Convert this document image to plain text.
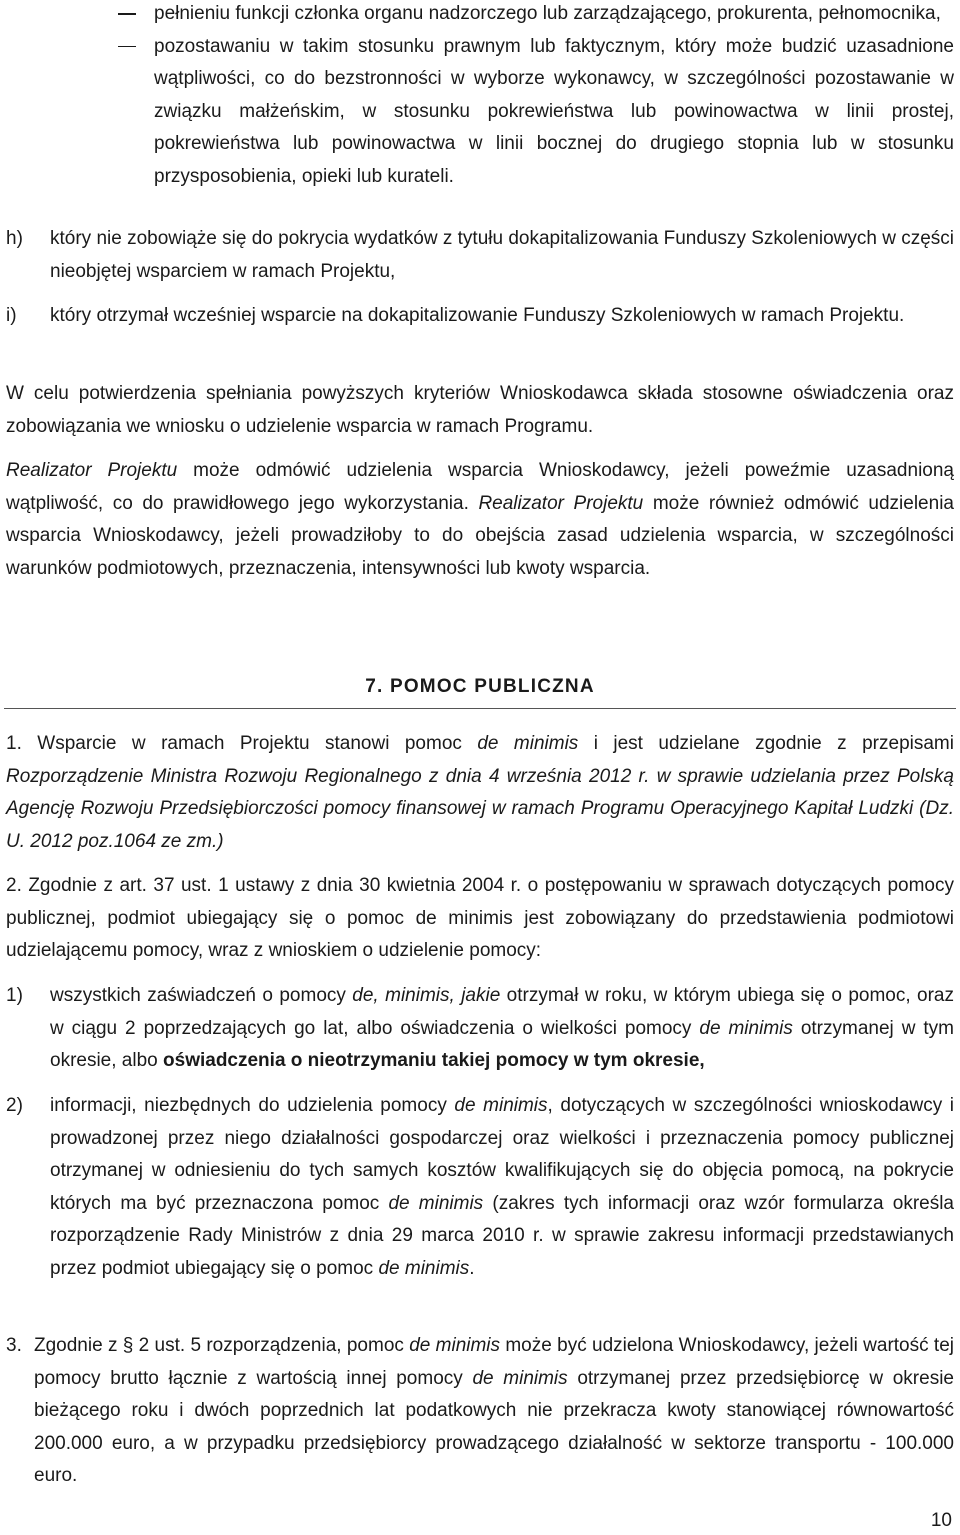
pełnieniu funkcji członka organu nadzorczego lub zarządzającego, prokurenta, pełnomocnika,
pozostawaniu w takim stosunku prawnym lub faktycznym, który może budzić uzasadnione wątpliwości, co do bezstronności w wyborze wykonawcy, w szczególności pozostawanie w związku małżeńskim, w stosunku pokrewieństwa lub powinowactwa w linii prostej, pokrewieństwa lub powinowactwa w linii bocznej do drugiego stopnia lub w stosunku przysposobienia, opieki lub kurateli.
h) który nie zobowiąże się do pokrycia wydatków z tytułu dokapitalizowania Funduszy Szkoleniowych w części nieobjętej wsparciem w ramach Projektu,
i) który otrzymał wcześniej wsparcie na dokapitalizowanie Funduszy Szkoleniowych w ramach Projektu.

W celu potwierdzenia spełniania powyższych kryteriów Wnioskodawca składa stosowne oświadczenia oraz zobowiązania we wniosku o udzielenie wsparcia w ramach Programu.

Realizator Projektu może odmówić udzielenia wsparcia Wnioskodawcy, jeżeli poweźmie uzasadnioną wątpliwość, co do prawidłowego jego wykorzystania. Realizator Projektu może również odmówić udzielenia wsparcia Wnioskodawcy, jeżeli prowadziłoby to do obejścia zasad udzielenia wsparcia, w szczególności warunków podmiotowych, przeznaczenia, intensywności lub kwoty wsparcia.

7. POMOC PUBLICZNA

1. Wsparcie w ramach Projektu stanowi pomoc de minimis i jest udzielane zgodnie z przepisami Rozporządzenie Ministra Rozwoju Regionalnego z dnia 4 września 2012 r. w sprawie udzielania przez Polską Agencję Rozwoju Przedsiębiorczości pomocy finansowej w ramach Programu Operacyjnego Kapitał Ludzki (Dz. U. 2012 poz.1064 ze zm.)

2. Zgodnie z art. 37 ust. 1 ustawy z dnia 30 kwietnia 2004 r. o postępowaniu w sprawach dotyczących pomocy publicznej, podmiot ubiegający się o pomoc de minimis jest zobowiązany do przedstawienia podmiotowi udzielającemu pomocy, wraz z wnioskiem o udzielenie pomocy:

1) wszystkich zaświadczeń o pomocy de, minimis, jakie otrzymał w roku, w którym ubiega się o pomoc, oraz w ciągu 2 poprzedzających go lat, albo oświadczenia o wielkości pomocy de minimis otrzymanej w tym okresie, albo oświadczenia o nieotrzymaniu takiej pomocy w tym okresie,
2) informacji, niezbędnych do udzielenia pomocy de minimis, dotyczących w szczególności wnioskodawcy i prowadzonej przez niego działalności gospodarczej oraz wielkości i przeznaczenia pomocy publicznej otrzymanej w odniesieniu do tych samych kosztów kwalifikujących się do objęcia pomocą, na pokrycie których ma być przeznaczona pomoc de minimis (zakres tych informacji oraz wzór formularza określa rozporządzenie Rady Ministrów z dnia 29 marca 2010 r. w sprawie zakresu informacji przedstawianych przez podmiot ubiegający się o pomoc de minimis.
3. Zgodnie z § 2 ust. 5 rozporządzenia, pomoc de minimis może być udzielona Wnioskodawcy, jeżeli wartość tej pomocy brutto łącznie z wartością innej pomocy de minimis otrzymanej przez przedsiębiorcę w okresie bieżącego roku i dwóch poprzednich lat podatkowych nie przekracza kwoty stanowiącej równowartość 200.000 euro, a w przypadku przedsiębiorcy prowadzącego działalność w sektorze transportu - 100.000 euro.
10
